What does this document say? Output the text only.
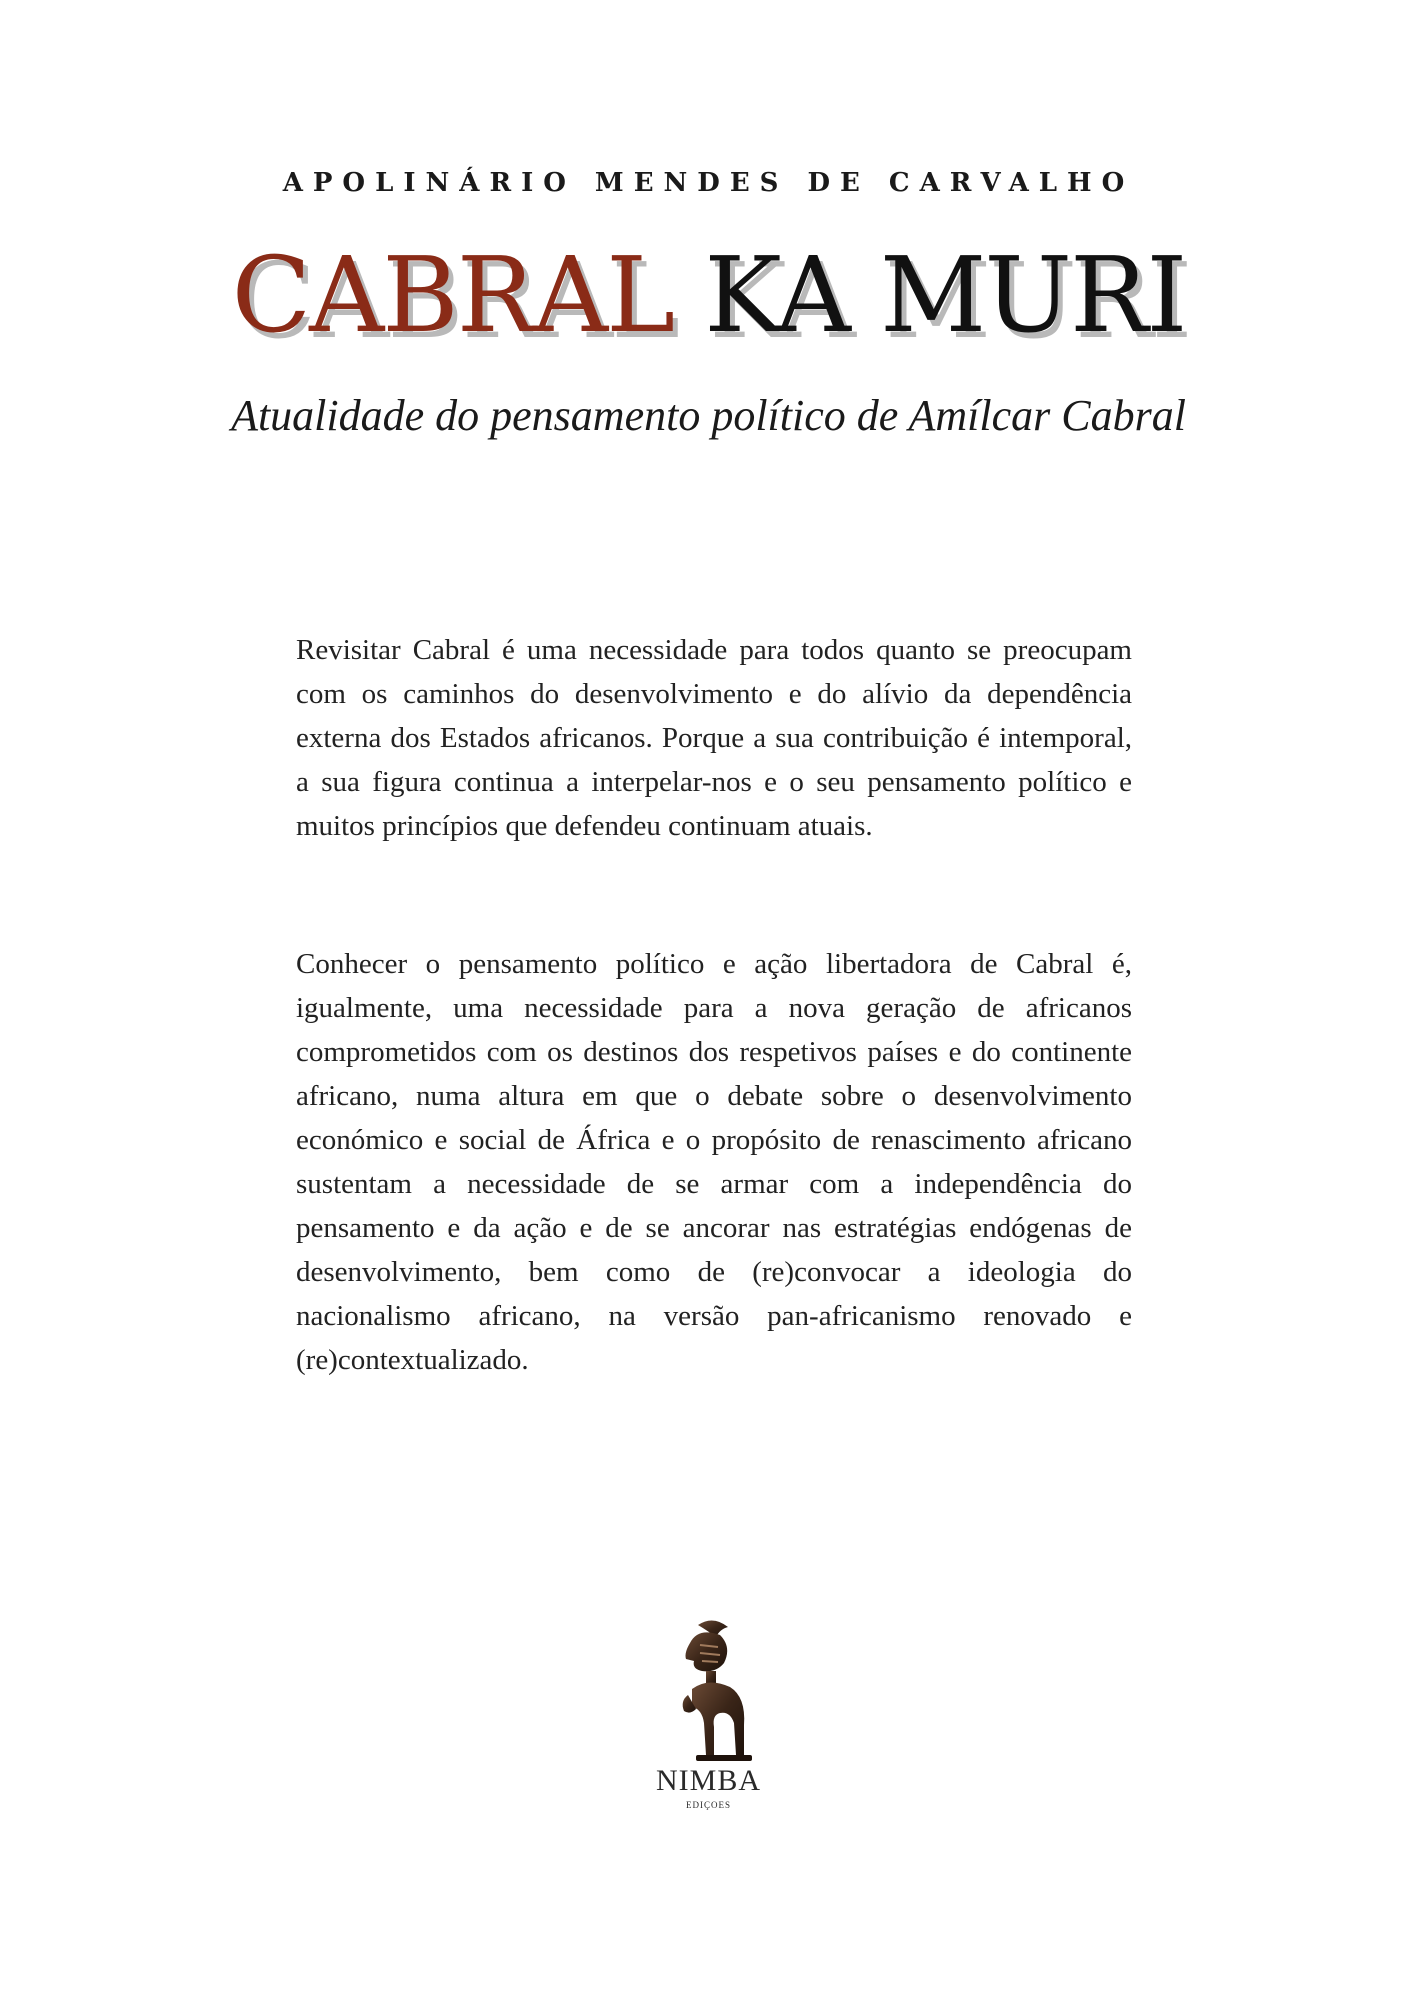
APOLINÁRIO MENDES DE CARVALHO
CABRAL KA MURI
Atualidade do pensamento político de Amílcar Cabral

Revisitar Cabral é uma necessidade para todos quanto se preocupam com os caminhos do desenvolvimento e do alívio da dependência externa dos Estados africanos. Porque a sua contribuição é intemporal, a sua figura continua a interpelar-nos e o seu pensamento político e muitos princípios que defendeu continuam atuais.

Conhecer o pensamento político e ação libertadora de Cabral é, igualmente, uma necessidade para a nova geração de africanos comprometidos com os destinos dos respetivos países e do continente africano, numa altura em que o debate sobre o desenvolvimento económico e social de África e o propósito de renascimento africano sustentam a necessidade de se armar com a independência do pensamento e da ação e de se ancorar nas estratégias endógenas de desenvolvimento, bem como de (re)convocar a ideologia do nacionalismo africano, na versão pan-africanismo renovado e (re)contextualizado.

NIMBA
EDIÇOES
